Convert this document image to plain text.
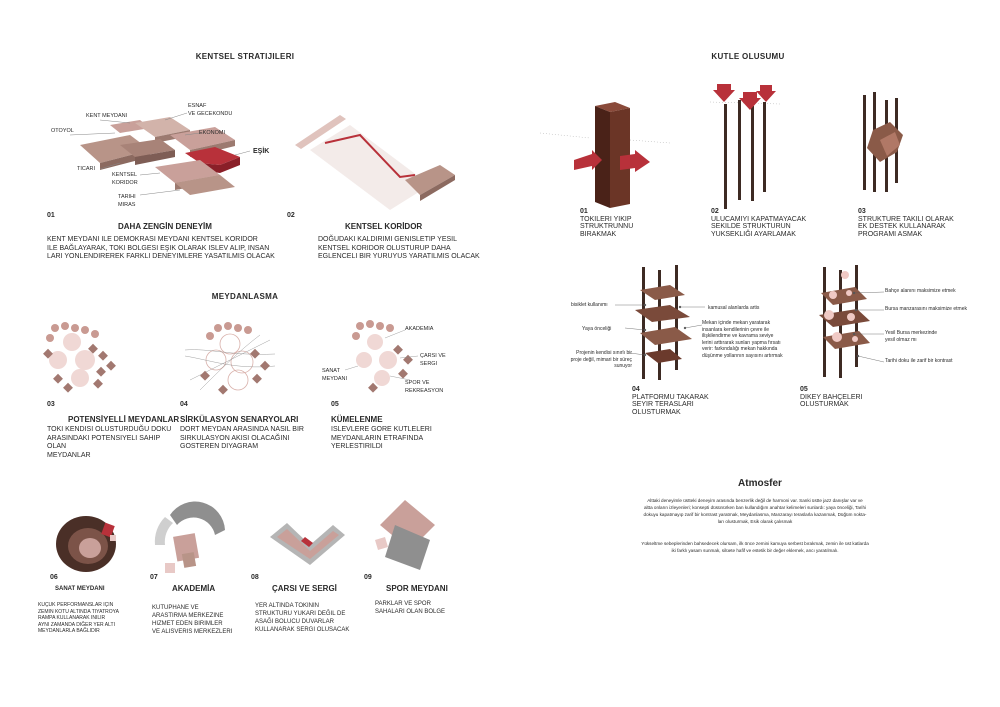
KENTSEL STRATIJILERI
KENT MEYDANI
ESNAF
VE GECEKONDU
OTOYOL	EKONOMI
EŞİK
TICARI
KENTSEL
KORIDOR
TARIHI
MIRAS
01
DAHA ZENGİN DENEYİM
KENT MEYDANI ILE DEMOKRASI MEYDANI KENTSEL KORIDOR
ILE BAĞLAYARAK, TOKI BOLGESI EŞIK OLARAK ISLEV ALIP, INSAN
LARI YONLENDIREREK FARKLI DENEYIMLERE YASATILMIS OLACAK
02
KENTSEL KORİDOR
DOĞUDAKI KALDIRIMI GENISLETIP YESIL
KENTSEL KORIDOR OLUSTURUP DAHA
EGLENCELI BIR YURUYUS YARATILMIS OLACAK
MEYDANLASMA
AKADEMIA
ÇARSI VE
SERGI
SANAT
MEYDANI
SPOR VE
REKREASYON
03
POTENSİYELLİ MEYDANLAR
TOKI KENDISI OLUSTURDUĞU DOKU
ARASINDAKI POTENSIYELI SAHIP OLAN
MEYDANLAR
04
SİRKÜLASYON SENARYOLARI
DORT MEYDAN ARASINDA NASIL BIR
SIRKULASYON AKISI OLACAĞINI
GOSTEREN DIYAGRAM
05
KÜMELENME
ISLEVLERE GORE KUTLELERI
MEYDANLARIN ETRAFINDA
YERLESTIRILDI
06
SANAT MEYDANI
KUÇUK PERFORMANSLAR IÇIN
ZEMIN KOTU ALTINDA TIYATROYA
RAMPA KULLANARAK INILIR
AYNI ZAMANDA DIĞER YER ALTI
MEYDANLARLA BAĞLIDIR
07
AKADEMİA
KUTUPHANE VE
ARASTIRMA MERKEZINE
HIZMET EDEN BIRIMLER
VE ALISVERIS MERKEZLERI
08
ÇARSI VE SERGİ
YER ALTINDA TOKININ
STRUKTURU YUKARI DEĞIL DE
ASAĞI BOLUCU DUVARLAR
KULLANARAK SERGI OLUSACAK
09
SPOR MEYDANI
PARKLAR VE SPOR
SAHALARI OLAN BOLGE
KUTLE OLUSUMU
01
TOKILERI YIKIP
STRUKTRUNNU
BIRAKMAK
02
ULUCAMIYI KAPATMAYACAK
SEKILDE STRUKTURUN
YUKSEKLIĞI AYARLAMAK
03
STRUKTURE TAKILI OLARAK
EK DESTEK KULLANARAK
PROGRAMI ASMAK
bisiklet kullanımı	kamusal alanlarda artis
Yaya önceliği
Mekan içinde mekan yaratarak
insanlara kendilerinin çevre ile
ilişkilendirme ve kavrama seviye
lerini arttırarak sunları yapma fırsatı
verir: farkındalığı mekan hakkında
düşünme yollarının sayısını artırmak
Projenin kendisi sınırlı bir
proje değil, mimari bir süreç sunuyor
Bahçe alanını maksimize etmek
Bursa manzarasını maksimize etmek
Yesil Bursa merkezinde
yesil olmaz mı
Tarihi doku ile zarif bir kontrast
04
PLATFORMU TAKARAK
SEYIR TERASLARI
OLUSTURMAK
05
DIKEY BAHÇELERI
OLUSTURMAK
Atmosfer
Alttaki deneyimle üstteki deneyim arasında benzerlik değil de harmoni var. Sanki üstte jazz danışlar var ve
altta onların izleyenleri; konsepti düsünürken ban kullandığım anahtar kelimeleri sunlardı: yaya önceliği, Tarihi
dokuyu kapatmayıp zarif bir kontrast yaratmak, Meydanlasma, Manzarayı teraslarla kazanmak, Düğüm nokta-
ları olusturmak, Esik olarak çalısmak
Yükseltme sebeplerinden bahsedecek olursam, ilk önce zemini kamuya serbest bırakmak, zemin ile üst katlarda
iki farklı yasam sunmak, silüete hafif ve estetik bir değer eklemek, ancı yaratılmalı.
